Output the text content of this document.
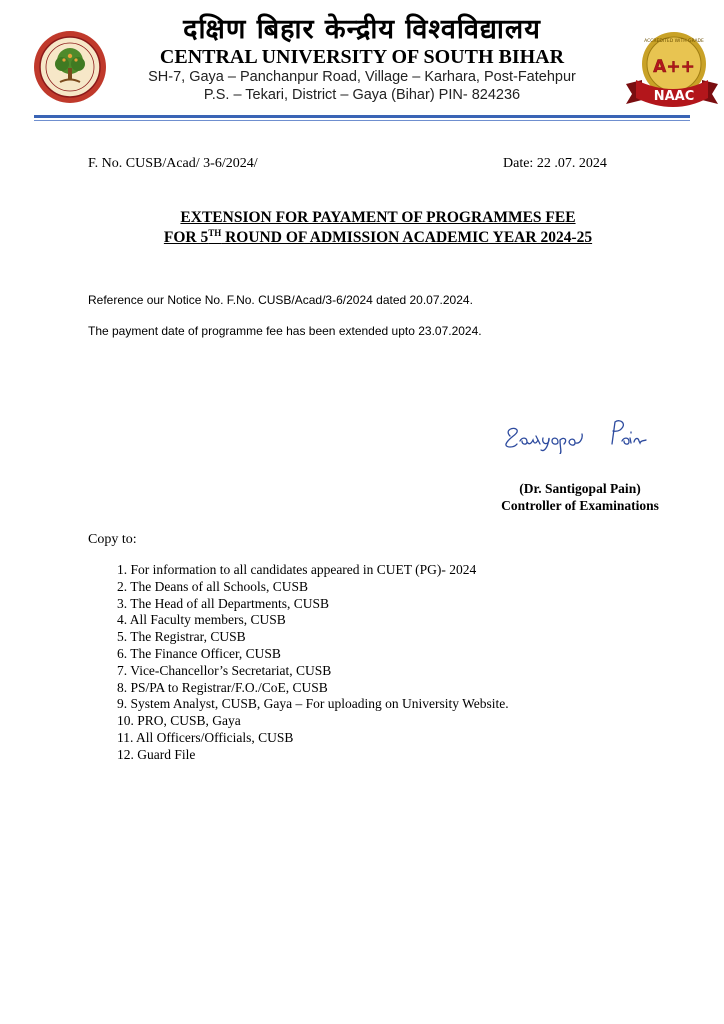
ACCREDITED WITH GRADE
A++
NAAC
दक्षिण बिहार केन्द्रीय विश्वविद्यालय
CENTRAL UNIVERSITY OF SOUTH BIHAR
SH-7, Gaya – Panchanpur Road, Village – Karhara, Post-Fatehpur
P.S. – Tekari, District – Gaya (Bihar) PIN- 824236
F. No. CUSB/Acad/ 3-6/2024/	Date: 22 .07. 2024
EXTENSION FOR PAYAMENT OF PROGRAMMES FEE
FOR 5TH ROUND OF ADMISSION ACADEMIC YEAR 2024-25
Reference our Notice No. F.No. CUSB/Acad/3-6/2024 dated 20.07.2024.
The payment date of programme fee has been extended upto 23.07.2024.
(Dr. Santigopal Pain)
Controller of Examinations
Copy to:
1. For information to all candidates appeared in CUET (PG)- 2024
2. The Deans of all Schools, CUSB
3. The Head of all Departments, CUSB
4. All Faculty members, CUSB
5. The Registrar, CUSB
6. The Finance Officer, CUSB
7. Vice-Chancellor’s Secretariat, CUSB
8. PS/PA to Registrar/F.O./CoE, CUSB
9. System Analyst, CUSB, Gaya – For uploading on University Website.
10. PRO, CUSB, Gaya
11. All Officers/Officials, CUSB
12. Guard File
